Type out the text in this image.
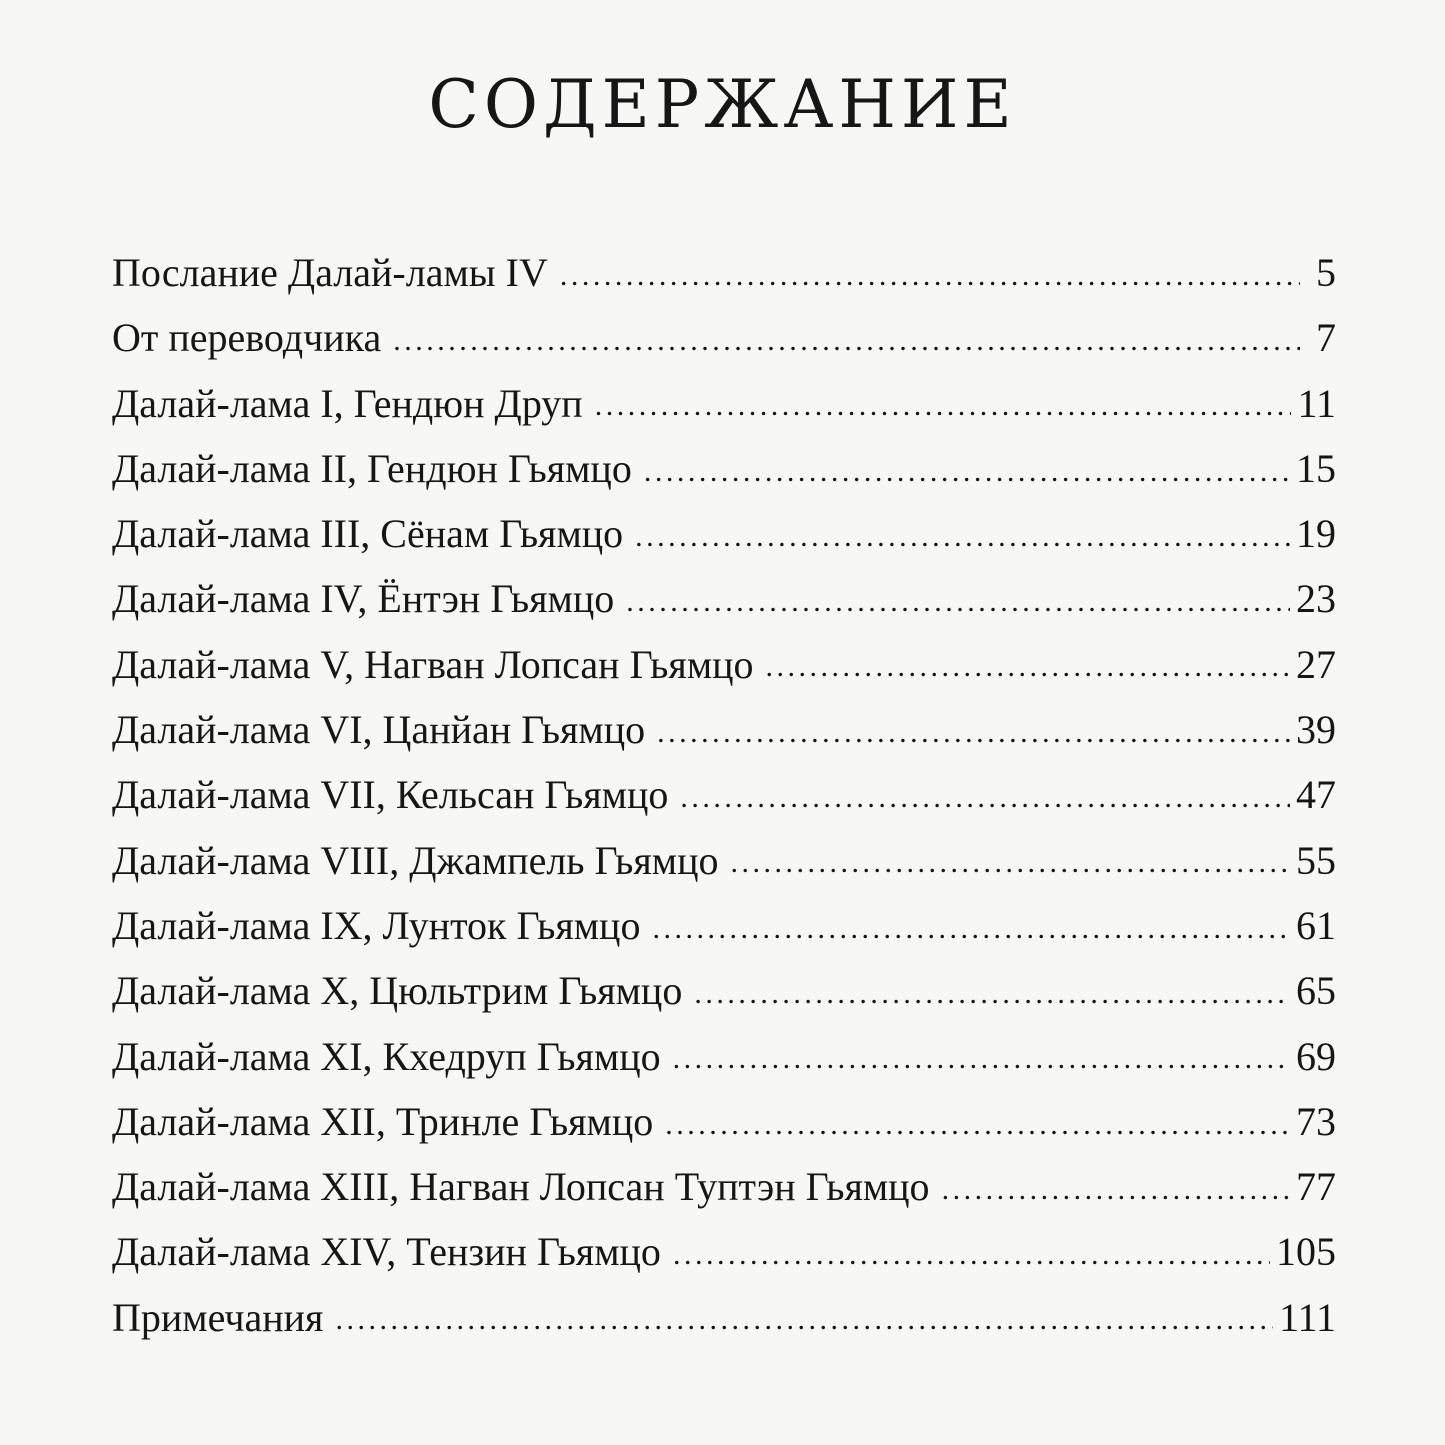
СОДЕРЖАНИЕ
Послание Далай-ламы IV . . .	5
От переводчика . . .	7
Далай-лама I, Гендюн Друп . . .	11
Далай-лама II, Гендюн Гьямцо . . .	15
Далай-лама III, Сёнам Гьямцо . . .	19
Далай-лама IV, Ёнтэн Гьямцо . . .	23
Далай-лама V, Нагван Лопсан Гьямцо . . .	27
Далай-лама VI, Цанйан Гьямцо . . .	39
Далай-лама VII, Кельсан Гьямцо . . .	47
Далай-лама VIII, Джампель Гьямцо . . .	55
Далай-лама IX, Лунток Гьямцо . . .	61
Далай-лама X, Цюльтрим Гьямцо . . .	65
Далай-лама XI, Кхедруп Гьямцо . . .	69
Далай-лама XII, Тринле Гьямцо . . .	73
Далай-лама XIII, Нагван Лопсан Туптэн Гьямцо . . .	77
Далай-лама XIV, Тензин Гьямцо . . .	105
Примечания . . .	111
